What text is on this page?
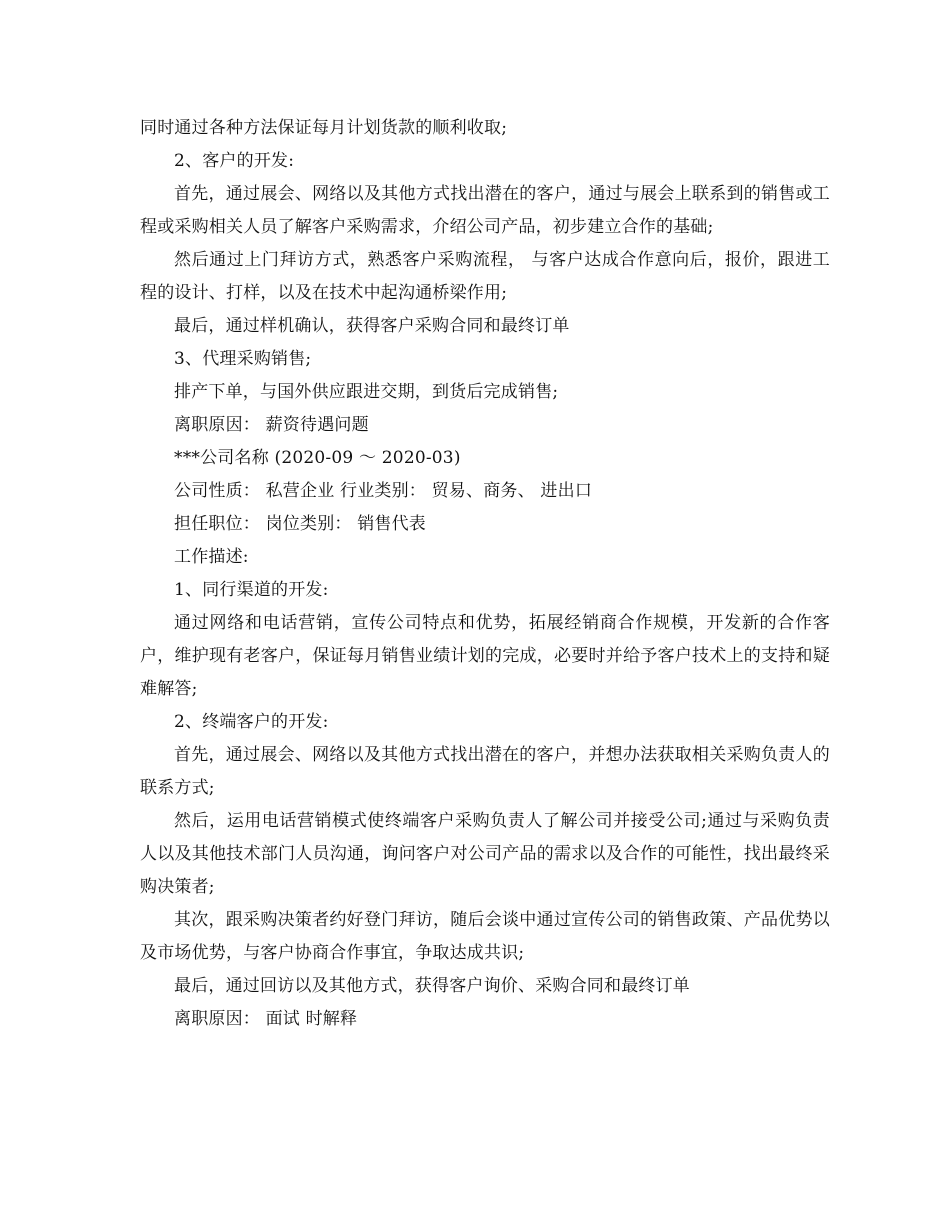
同时通过各种方法保证每月计划货款的顺利收取;

2、客户的开发:

首先，通过展会、网络以及其他方式找出潜在的客户，通过与展会上联系到的销售或工程或采购相关人员了解客户采购需求，介绍公司产品，初步建立合作的基础;

然后通过上门拜访方式，熟悉客户采购流程， 与客户达成合作意向后，报价，跟进工程的设计、打样，以及在技术中起沟通桥梁作用;

最后，通过样机确认，获得客户采购合同和最终订单

3、代理采购销售;

排产下单，与国外供应跟进交期，到货后完成销售;

离职原因： 薪资待遇问题

***公司名称 (2020-09 ～ 2020-03)

公司性质： 私营企业 行业类别： 贸易、商务、 进出口

担任职位： 岗位类别： 销售代表

工作描述:

1、同行渠道的开发:

通过网络和电话营销，宣传公司特点和优势，拓展经销商合作规模，开发新的合作客户，维护现有老客户，保证每月销售业绩计划的完成，必要时并给予客户技术上的支持和疑难解答;

2、终端客户的开发:

首先，通过展会、网络以及其他方式找出潜在的客户，并想办法获取相关采购负责人的联系方式;

然后，运用电话营销模式使终端客户采购负责人了解公司并接受公司;通过与采购负责人以及其他技术部门人员沟通，询问客户对公司产品的需求以及合作的可能性，找出最终采购决策者;

其次，跟采购决策者约好登门拜访，随后会谈中通过宣传公司的销售政策、产品优势以及市场优势，与客户协商合作事宜，争取达成共识;

最后，通过回访以及其他方式，获得客户询价、采购合同和最终订单

离职原因： 面试 时解释
